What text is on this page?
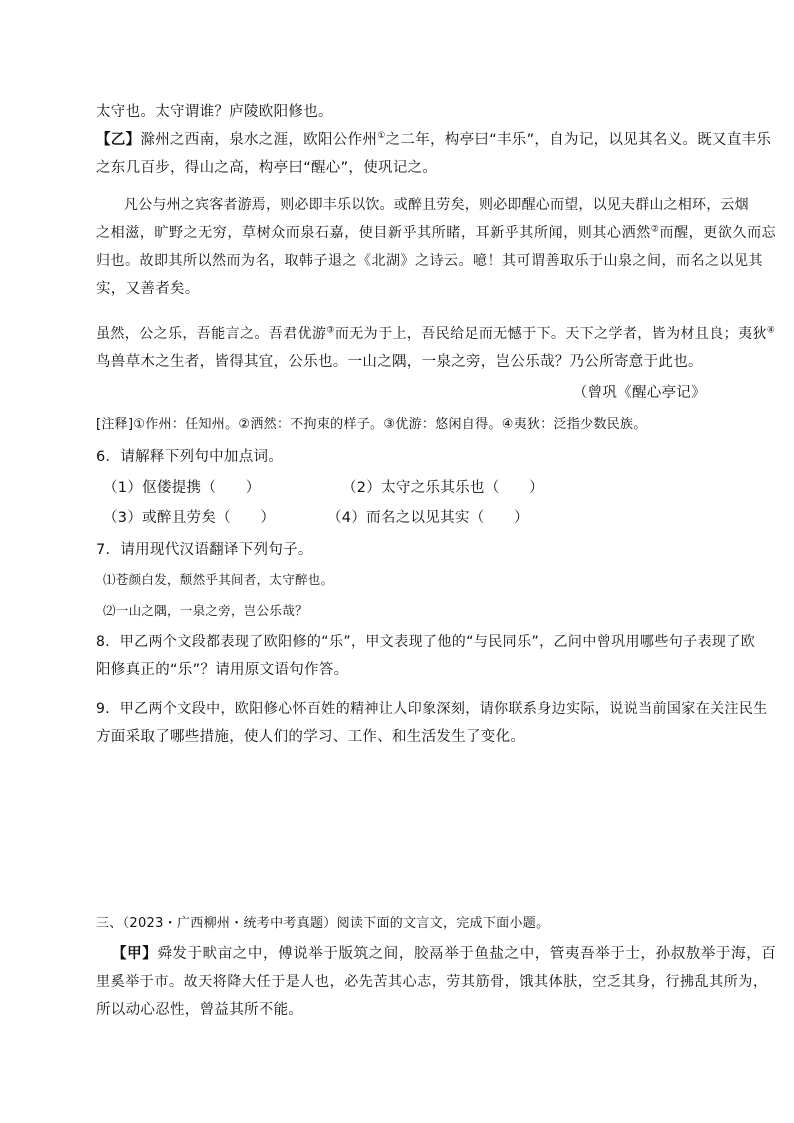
太守也。太守谓谁？庐陵欧阳修也。
【乙】滁州之西南，泉水之涯，欧阳公作州①之二年，构亭曰“丰乐”，自为记，以见其名义。既又直丰乐
之东几百步，得山之高，构亭曰“醒心”，使巩记之。
凡公与州之宾客者游焉，则必即丰乐以饮。或醉且劳矣，则必即醒心而望，以见夫群山之相环，云烟
之相滋，旷野之无穷，草树众而泉石嘉，使目新乎其所睹，耳新乎其所闻，则其心洒然②而醒，更欲久而忘
归也。故即其所以然而为名，取韩子退之《北湖》之诗云。噫！其可谓善取乐于山泉之间，而名之以见其
实，又善者矣。
虽然，公之乐，吾能言之。吾君优游③而无为于上，吾民给足而无憾于下。天下之学者，皆为材且良；夷狄④
鸟兽草木之生者，皆得其宜，公乐也。一山之隅，一泉之旁，岂公乐哉？乃公所寄意于此也。
（曾巩《醒心亭记》
[注释]①作州：任知州。②洒然：不拘束的样子。③优游：悠闲自得。④夷狄：泛指少数民族。
6．请解释下列句中加点词。
（1）伛偻提携（　　）	（2）太守之乐其乐也（　　）
（3）或醉且劳矣（　　）	（4）而名之以见其实（　　）
7．请用现代汉语翻译下列句子。
⑴苍颜白发，颓然乎其间者，太守醉也。
⑵一山之隅，一泉之旁，岂公乐哉？
8．甲乙两个文段都表现了欧阳修的“乐”，甲文表现了他的“与民同乐”，乙问中曾巩用哪些句子表现了欧
阳修真正的“乐”？请用原文语句作答。
9．甲乙两个文段中，欧阳修心怀百姓的精神让人印象深刻，请你联系身边实际，说说当前国家在关注民生
方面采取了哪些措施，使人们的学习、工作、和生活发生了变化。
三、（2023・广西柳州・统考中考真题）阅读下面的文言文，完成下面小题。
【甲】舜发于畎亩之中，傅说举于版筑之间，胶鬲举于鱼盐之中，管夷吾举于士，孙叔敖举于海，百
里奚举于市。故天将降大任于是人也，必先苦其心志，劳其筋骨，饿其体肤，空乏其身，行拂乱其所为，
所以动心忍性，曾益其所不能。
